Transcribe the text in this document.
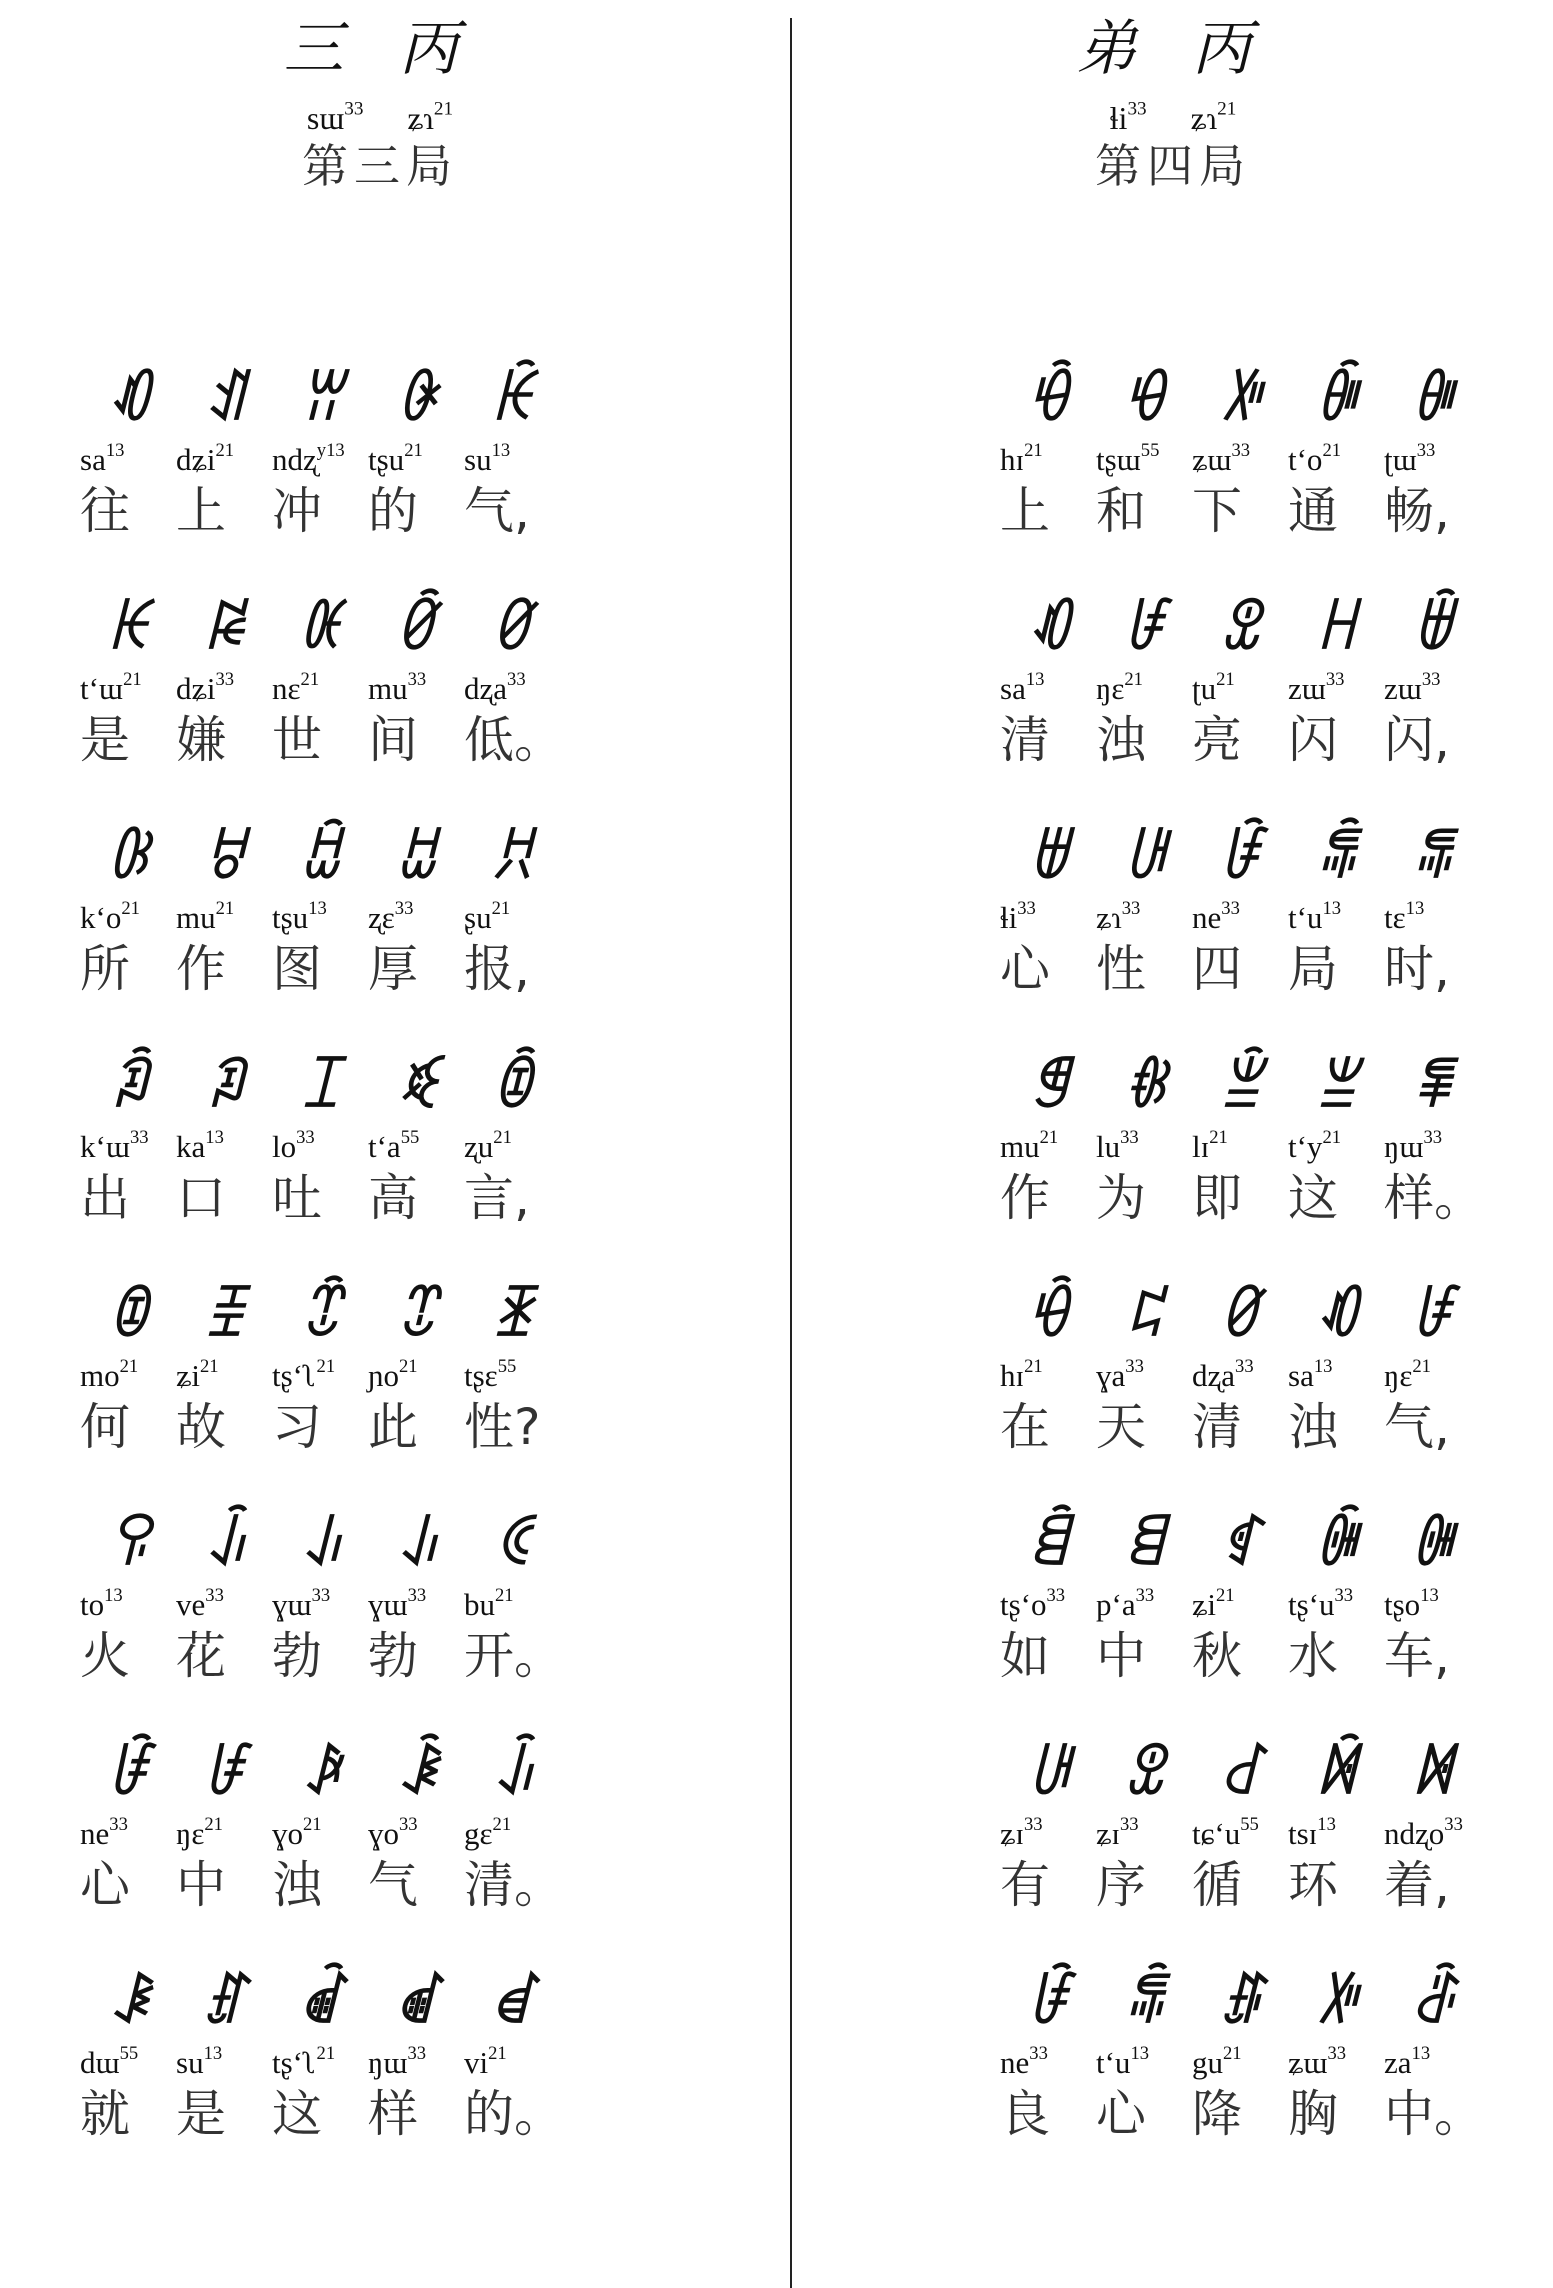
三 丙
sɯ$^{33}$ ʑɿ$^{21}$
第三局
ꀒ ꀊ ꀕ ꀖ ꀗ
$sa^{13}$ dʑi$^{21}$ ndʐ$^{y13}$ tʂu$^{21}$ $su^{13}$
往 上 冲 的 气,
ꀘ ꀙ ꀚ ꀛ ꀜ
t‘ɯ$^{21}$ dʑi$^{33}$ nɛ$^{21}$ $mu^{33}$ dʐa$^{33}$
是 嫌 世 间 低。
ꀝ ꀞ ꀟ ꀠ ꀡ
$k‘o^{21}$ $mu^{21}$ tʂu$^{13}$ ʐɛ$^{33}$ ʂu$^{21}$
所 作 图 厚 报,
ꀢ ꀣ ꀤ ꀥ ꀦ
k‘ɯ$^{33}$ $ka^{13}$ $lo^{33}$ $t‘a^{55}$ ʐu$^{21}$
出 口 吐 高 言,
ꀧ ꀨ ꀩ ꀪ ꀫ
$mo^{21}$ ʑi$^{21}$ tʂ‘ʅ$^{21}$ ɲo$^{21}$ tʂɛ$^{55}$
何 故 习 此 性?
ꀬ ꀭ ꀮ ꀮ ꀯ
$to^{13}$ $ve^{33}$ ɣɯ$^{33}$ ɣɯ$^{33}$ $bu^{21}$
火 花 勃 勃 开。
ꀰ ꀱ ꀲ ꀳ ꀭ
$ne^{33}$ ŋɛ$^{21}$ ɣo$^{21}$ ɣo$^{33}$ gɛ$^{21}$
心 中 浊 气 清。
ꀴ ꀵ ꀶ ꀷ ꀸ
dɯ$^{55}$ $su^{13}$ tʂ‘ʅ$^{21}$ ŋɯ$^{33}$ $vi^{21}$
就 是 这 样 的。
弟 丙
ɬi$^{33}$ ʑɿ$^{21}$
第四局
ꀹ ꀺ ꀻ ꀼ ꀽ
hɪ$^{21}$ tʂɯ$^{55}$ ʑɯ$^{33}$ $t‘o^{21}$ ʈɯ$^{33}$
上 和 下 通 畅,
ꀒ ꀱ ꀾ ꀿ ꁀ
$sa^{13}$ ŋɛ$^{21}$ ʈu$^{21}$ zɯ$^{33}$ zɯ$^{33}$
清 浊 亮 闪 闪,
ꁁ ꁂ ꀰ ꁃ ꁄ
ɬi$^{33}$ ʑɿ$^{33}$ $ne^{33}$ $t‘u^{13}$ tɛ$^{13}$
心 性 四 局 时,
ꁅ ꁆ ꁇ ꁈ ꁉ
$mu^{21}$ $lu^{33}$ lɪ$^{21}$ $t‘y^{21}$ ŋɯ$^{33}$
作 为 即 这 样。
ꀹ ꁊ ꀜ ꀒ ꀱ
hɪ$^{21}$ ɣa$^{33}$ dʐa$^{33}$ $sa^{13}$ ŋɛ$^{21}$
在 天 清 浊 气,
ꁋ ꁌ ꁍ ꁎ ꁏ
$tʂ‘o^{33}$ $p‘a^{33}$ ʑi$^{21}$ $tʂ‘u^{33}$ tʂo$^{13}$
如 中 秋 水 车,
ꁂ ꀾ ꁐ ꁑ ꁒ
ʑɪ$^{33}$ ʑɪ$^{33}$ $tɕ‘u^{55}$ tsɪ$^{13}$ ndʐo$^{33}$
有 序 循 环 着,
ꀰ ꁃ ꁓ ꀻ ꁔ
$ne^{33}$ $t‘u^{13}$ $gu^{21}$ ʑɯ$^{33}$ $za^{13}$
良 心 降 胸 中。
